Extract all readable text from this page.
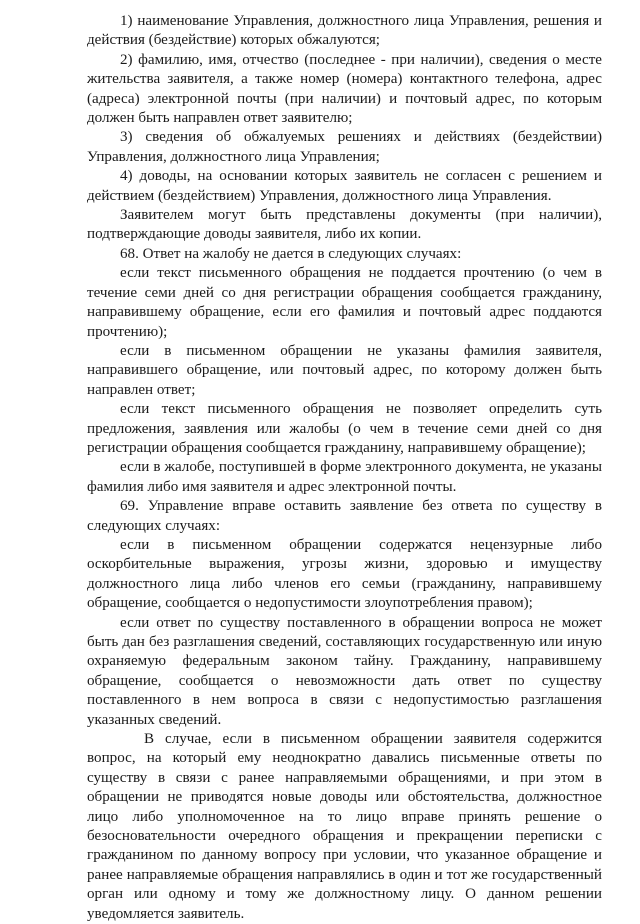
1) наименование Управления, должностного лица Управления, решения и действия (бездействие) которых обжалуются;

2) фамилию, имя, отчество (последнее - при наличии), сведения о месте жительства заявителя, а также номер (номера) контактного телефона, адрес (адреса) электронной почты (при наличии) и почтовый адрес, по которым должен быть направлен ответ заявителю;

3) сведения об обжалуемых решениях и действиях (бездействии) Управления, должностного лица Управления;

4) доводы, на основании которых заявитель не согласен с решением и действием (бездействием) Управления, должностного лица Управления.

Заявителем могут быть представлены документы (при наличии), подтверждающие доводы заявителя, либо их копии.

68. Ответ на жалобу не дается в следующих случаях:

если текст письменного обращения не поддается прочтению (о чем в течение семи дней со дня регистрации обращения сообщается гражданину, направившему обращение, если его фамилия и почтовый адрес поддаются прочтению);

если в письменном обращении не указаны фамилия заявителя, направившего обращение, или почтовый адрес, по которому должен быть направлен ответ;

если текст письменного обращения не позволяет определить суть предложения, заявления или жалобы (о чем в течение семи дней со дня регистрации обращения сообщается гражданину, направившему обращение);

если в жалобе, поступившей в форме электронного документа, не указаны фамилия либо имя заявителя и адрес электронной почты.

69. Управление вправе оставить заявление без ответа по существу в следующих случаях:

если в письменном обращении содержатся нецензурные либо оскорбительные выражения, угрозы жизни, здоровью и имуществу должностного лица либо членов его семьи (гражданину, направившему обращение, сообщается о недопустимости злоупотребления правом);

если ответ по существу поставленного в обращении вопроса не может быть дан без разглашения сведений, составляющих государственную или иную охраняемую федеральным законом тайну. Гражданину, направившему обращение, сообщается о невозможности дать ответ по существу поставленного в нем вопроса в связи с недопустимостью разглашения указанных сведений.

В случае, если в письменном обращении заявителя содержится вопрос, на который ему неоднократно давались письменные ответы по существу в связи с ранее направляемыми обращениями, и при этом в обращении не приводятся новые доводы или обстоятельства, должностное лицо либо уполномоченное на то лицо вправе принять решение о безосновательности очередного обращения и прекращении переписки с гражданином по данному вопросу при условии, что указанное обращение и ранее направляемые обращения направлялись в один и тот же государственный орган или одному и тому же должностному лицу. О данном решении уведомляется заявитель.
